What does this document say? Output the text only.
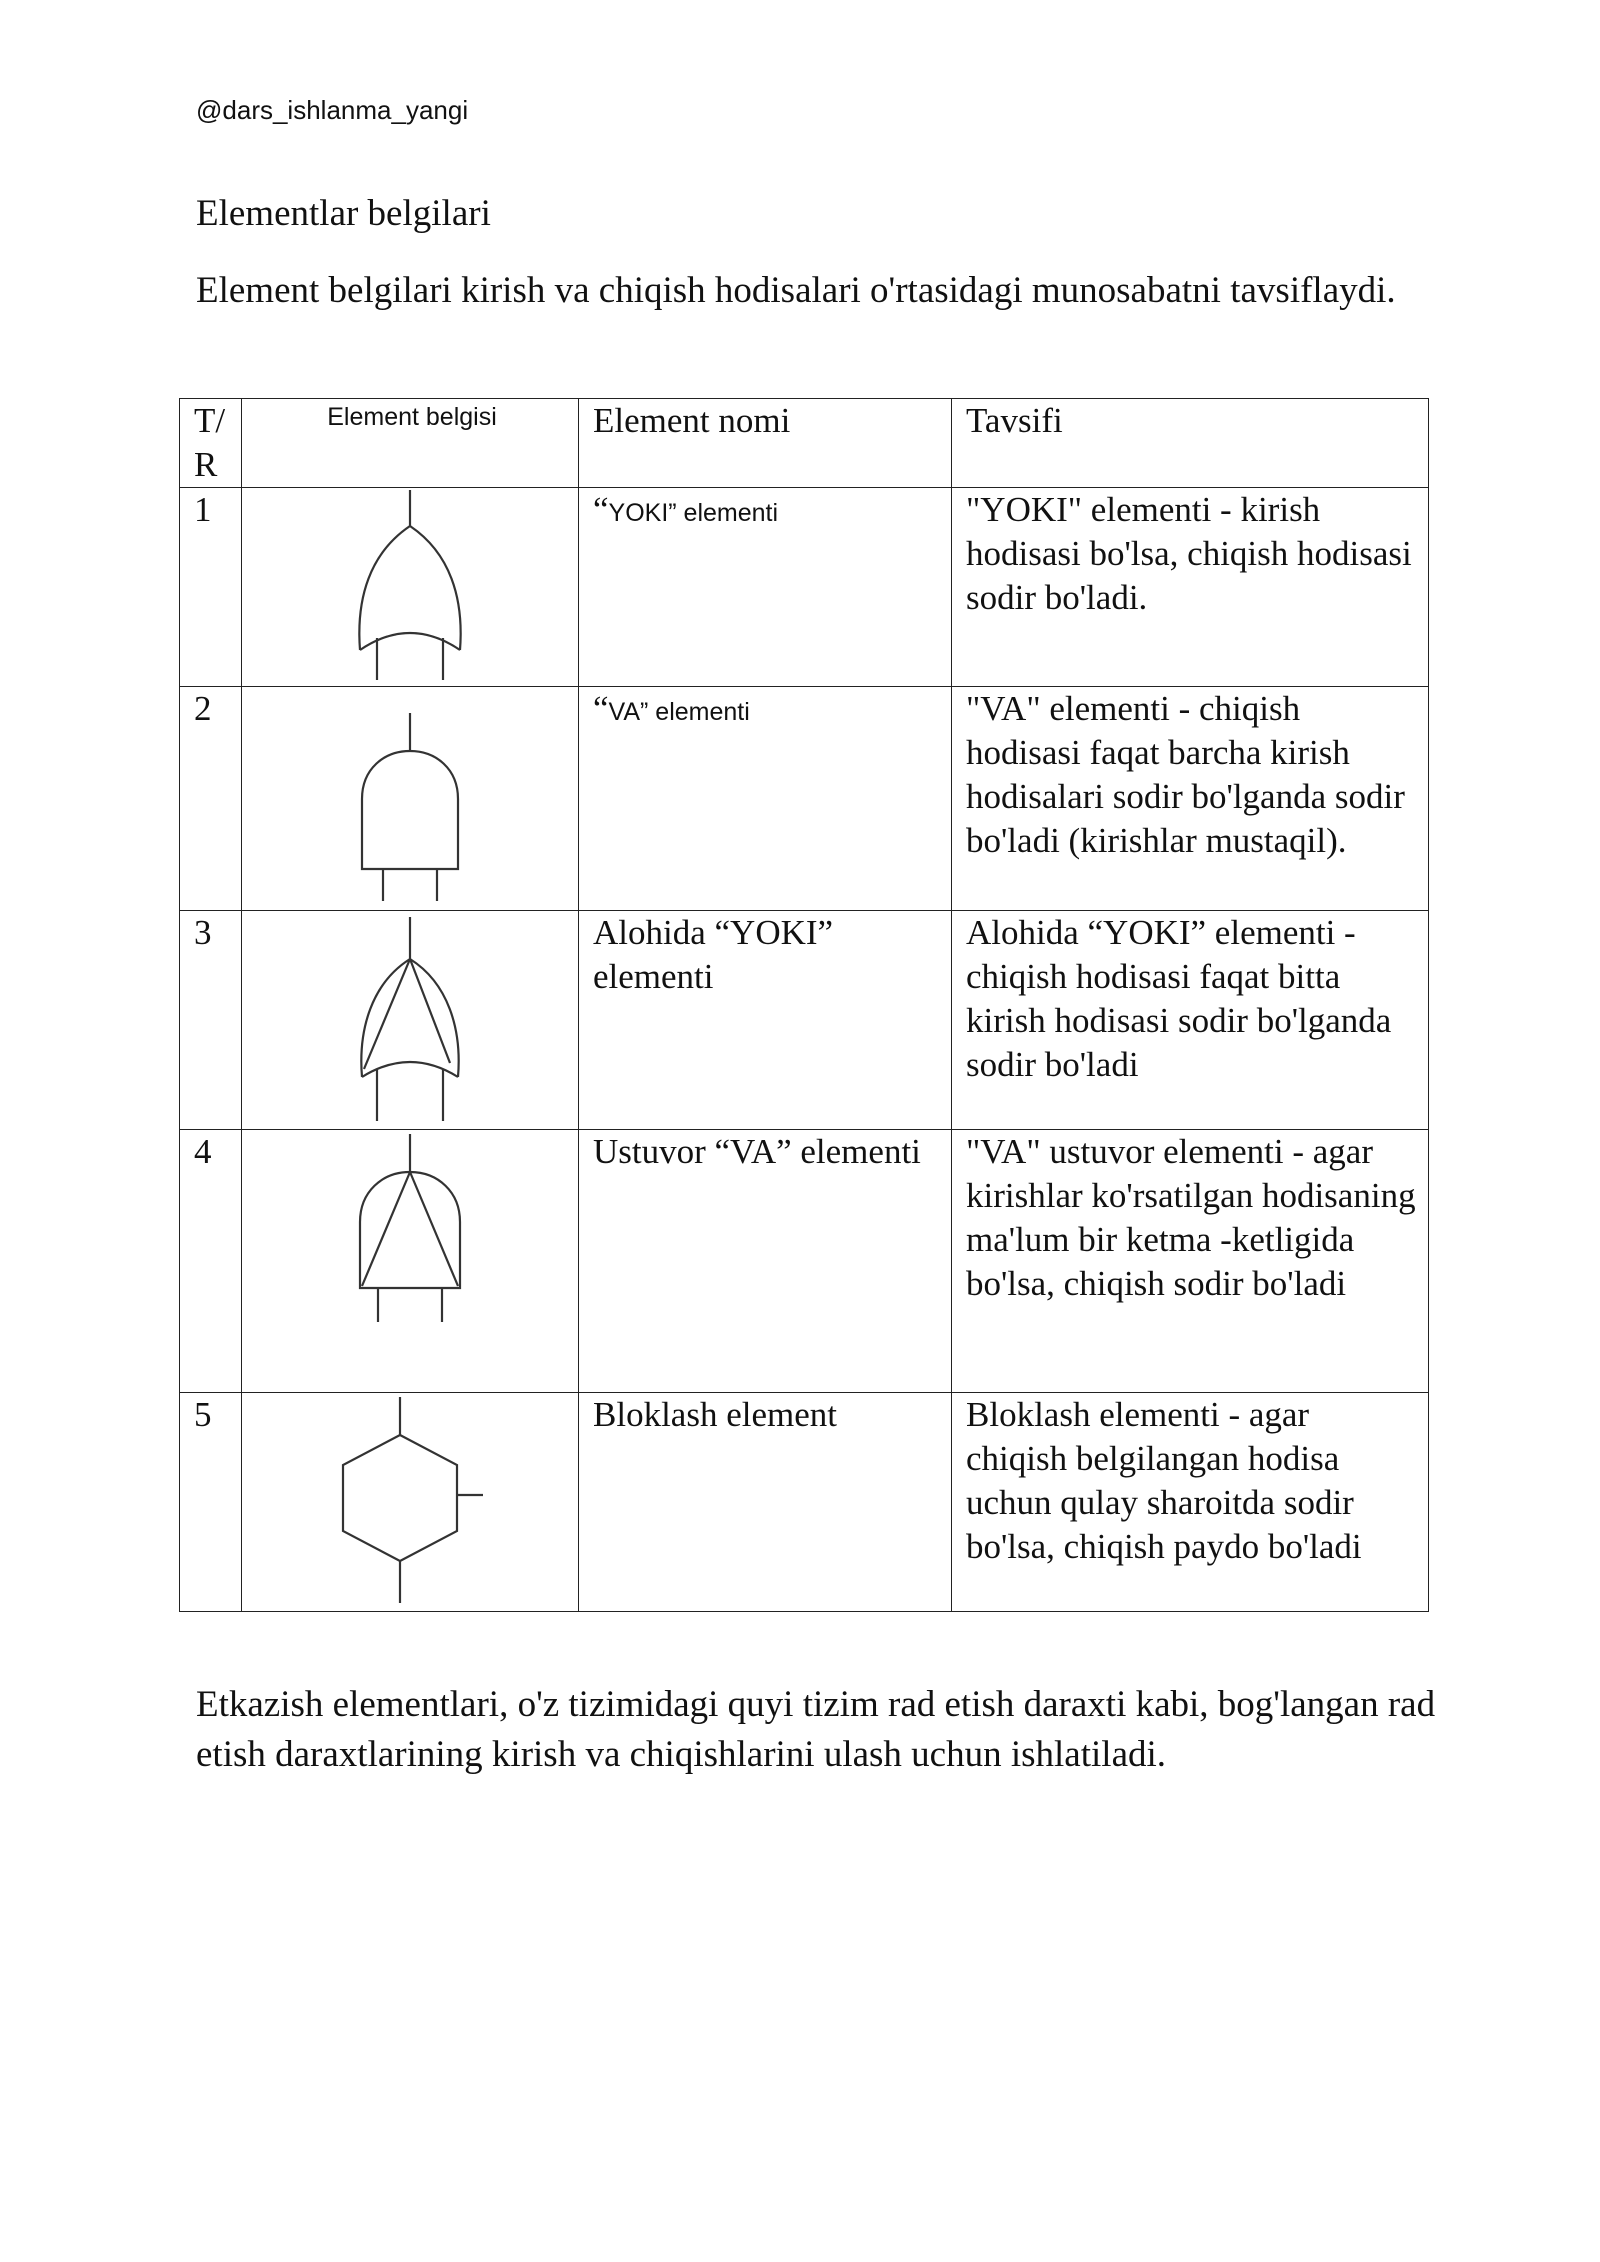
@dars_ishlanma_yangi
Elementlar belgilari
Element belgilari kirish va chiqish hodisalari o'rtasidagi munosabatni tavsiflaydi.
T/ R	Element belgisi	Element nomi	Tavsifi
1		“YOKI” elementi	"YOKI" elementi - kirish hodisasi bo'lsa, chiqish hodisasi sodir bo'ladi.
2		“VA” elementi	"VA" elementi - chiqish hodisasi faqat barcha kirish hodisalari sodir bo'lganda sodir bo'ladi (kirishlar mustaqil).
3		Alohida “YOKI” elementi	Alohida “YOKI” elementi - chiqish hodisasi faqat bitta kirish hodisasi sodir bo'lganda sodir bo'ladi
4		Ustuvor “VA” elementi	"VA" ustuvor elementi - agar kirishlar ko'rsatilgan hodisaning ma'lum bir ketma -ketligida bo'lsa, chiqish sodir bo'ladi
5		Bloklash element	Bloklash elementi - agar chiqish belgilangan hodisa uchun qulay sharoitda sodir bo'lsa, chiqish paydo bo'ladi
Etkazish elementlari, o'z tizimidagi quyi tizim rad etish daraxti kabi, bog'langan rad etish daraxtlarining kirish va chiqishlarini ulash uchun ishlatiladi.
